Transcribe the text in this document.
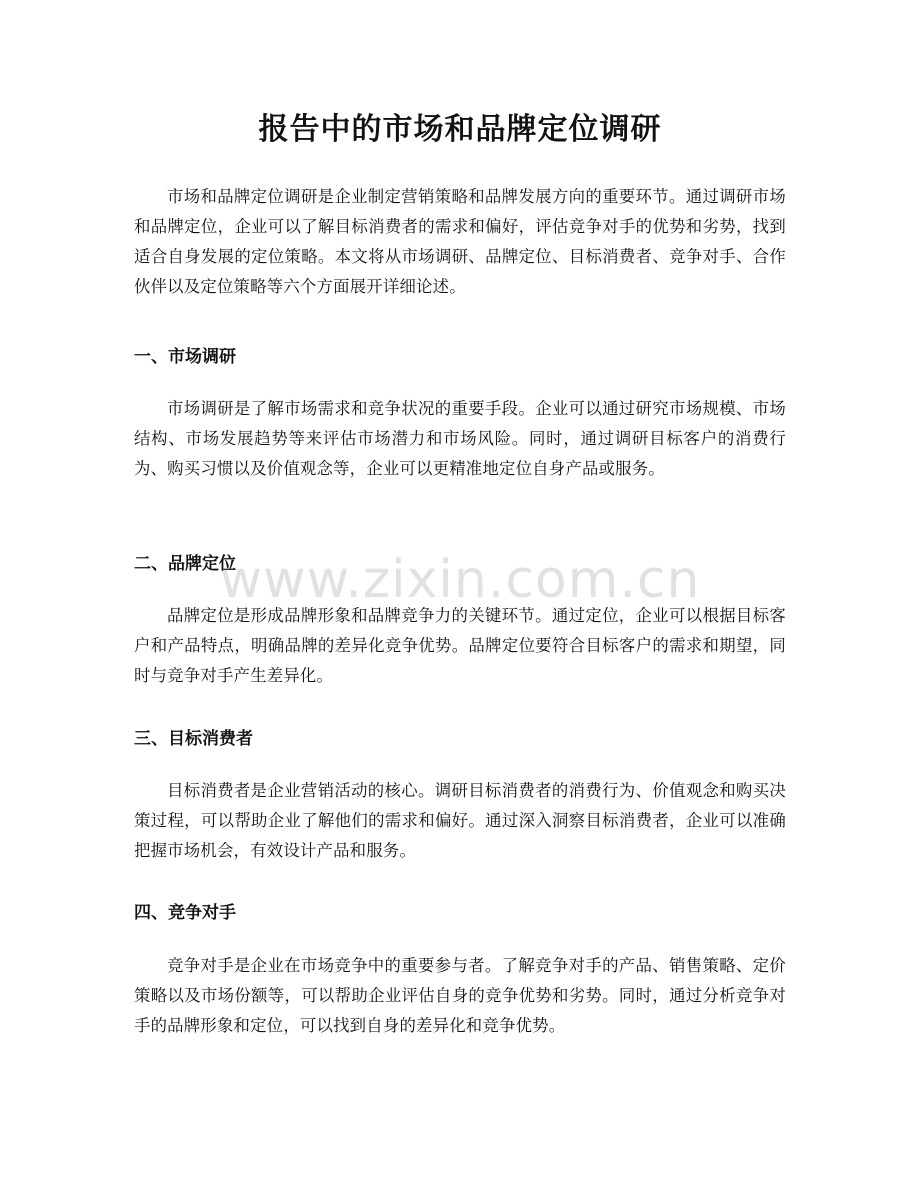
报告中的市场和品牌定位调研

市场和品牌定位调研是企业制定营销策略和品牌发展方向的重要环节。通过调研市场和品牌定位，企业可以了解目标消费者的需求和偏好，评估竞争对手的优势和劣势，找到适合自身发展的定位策略。本文将从市场调研、品牌定位、目标消费者、竞争对手、合作伙伴以及定位策略等六个方面展开详细论述。

一、市场调研

市场调研是了解市场需求和竞争状况的重要手段。企业可以通过研究市场规模、市场结构、市场发展趋势等来评估市场潜力和市场风险。同时，通过调研目标客户的消费行为、购买习惯以及价值观念等，企业可以更精准地定位自身产品或服务。

二、品牌定位

品牌定位是形成品牌形象和品牌竞争力的关键环节。通过定位，企业可以根据目标客户和产品特点，明确品牌的差异化竞争优势。品牌定位要符合目标客户的需求和期望，同时与竞争对手产生差异化。

三、目标消费者

目标消费者是企业营销活动的核心。调研目标消费者的消费行为、价值观念和购买决策过程，可以帮助企业了解他们的需求和偏好。通过深入洞察目标消费者，企业可以准确把握市场机会，有效设计产品和服务。

四、竞争对手

竞争对手是企业在市场竞争中的重要参与者。了解竞争对手的产品、销售策略、定价策略以及市场份额等，可以帮助企业评估自身的竞争优势和劣势。同时，通过分析竞争对手的品牌形象和定位，可以找到自身的差异化和竞争优势。

www.zixin.com.cn
